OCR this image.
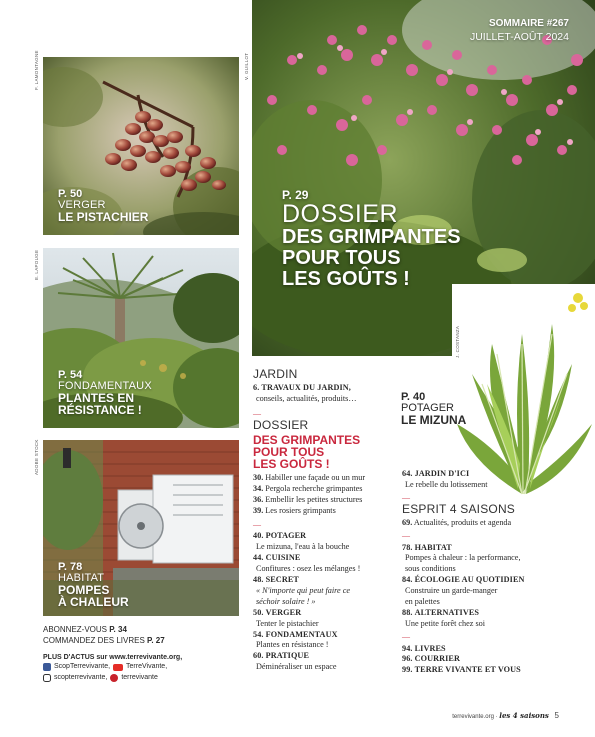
F. LAMONTAGNE
P. 50
VERGER
LE PISTACHIER
E. LAPOUGE
P. 54
FONDAMENTAUX
PLANTES EN
RÉSISTANCE !
ADOBE STOCK
P. 78
HABITAT
POMPES
À CHALEUR
V. GUILLOT
SOMMAIRE #267
JUILLET-AOÛT 2024
P. 29
DOSSIER
DES GRIMPANTES
POUR TOUS
LES GOÛTS !
J. COSTANZA
P. 40
POTAGER
LE MIZUNA
JARDIN
6. TRAVAUX DU JARDIN,
conseils, actualités, produits…
—
DOSSIER
DES GRIMPANTES
POUR TOUS
LES GOÛTS !
30. Habiller une façade ou un mur
34. Pergola recherche grimpantes
36. Embellir les petites structures
39. Les rosiers grimpants
—
40. POTAGER
Le mizuna, l'eau à la bouche
44. CUISINE
Confitures : osez les mélanges !
48. SECRET
« N'importe qui peut faire ce
séchoir solaire ! »
50. VERGER
Tenter le pistachier
54. FONDAMENTAUX
Plantes en résistance !
60. PRATIQUE
Déminéraliser un espace
64. JARDIN D'ICI
Le rebelle du lotissement
—
ESPRIT 4 SAISONS
69. Actualités, produits et agenda
—
78. HABITAT
Pompes à chaleur : la performance,
sous conditions
84. ÉCOLOGIE AU QUOTIDIEN
Construire un garde-manger
en palettes
88. ALTERNATIVES
Une petite forêt chez soi
—
94. LIVRES
96. COURRIER
99. TERRE VIVANTE ET VOUS
ABONNEZ-VOUS P. 34
COMMANDEZ DES LIVRES P. 27
PLUS D'ACTUS sur www.terrevivante.org,
ScopTerrevivante, TerreVivante,
scopterrevivante, terrevivante
terrevivante.org · les 4 saisons 5
